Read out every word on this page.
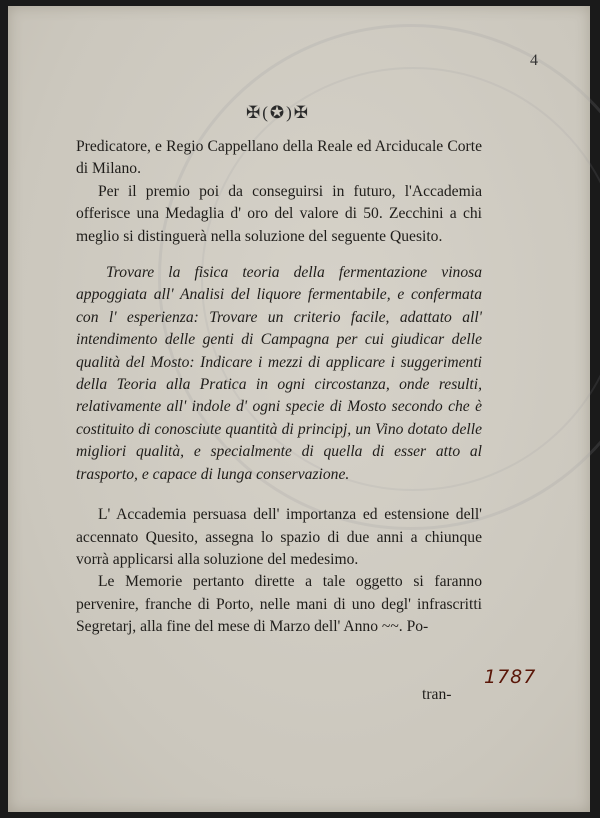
4
✠(✪)✠

Predicatore, e Regio Cappellano della Reale ed Arciducale Corte di Milano.

Per il premio poi da conseguirsi in futuro, l'Accademia offerisce una Medaglia d' oro del valore di 50. Zecchini a chi meglio si distinguerà nella soluzione del seguente Quesito.

Trovare la fisica teoria della fermentazione vinosa appoggiata all' Analisi del liquore fermentabile, e confermata con l' esperienza: Trovare un criterio facile, adattato all' intendimento delle genti di Campagna per cui giudicar delle qualità del Mosto: Indicare i mezzi di applicare i suggerimenti della Teoria alla Pratica in ogni circostanza, onde resulti, relativamente all' indole d' ogni specie di Mosto secondo che è costituito di conosciute quantità di principj, un Vino dotato delle migliori qualità, e specialmente di quella di esser atto al trasporto, e capace di lunga conservazione.

L' Accademia persuasa dell' importanza ed estensione dell' accennato Quesito, assegna lo spazio di due anni a chiunque vorrà applicarsi alla soluzione del medesimo.

Le Memorie pertanto dirette a tale oggetto si faranno pervenire, franche di Porto, nelle mani di uno degl' infrascritti Segretarj, alla fine del mese di Marzo dell' Anno ~~. Po-

tran-
1787
